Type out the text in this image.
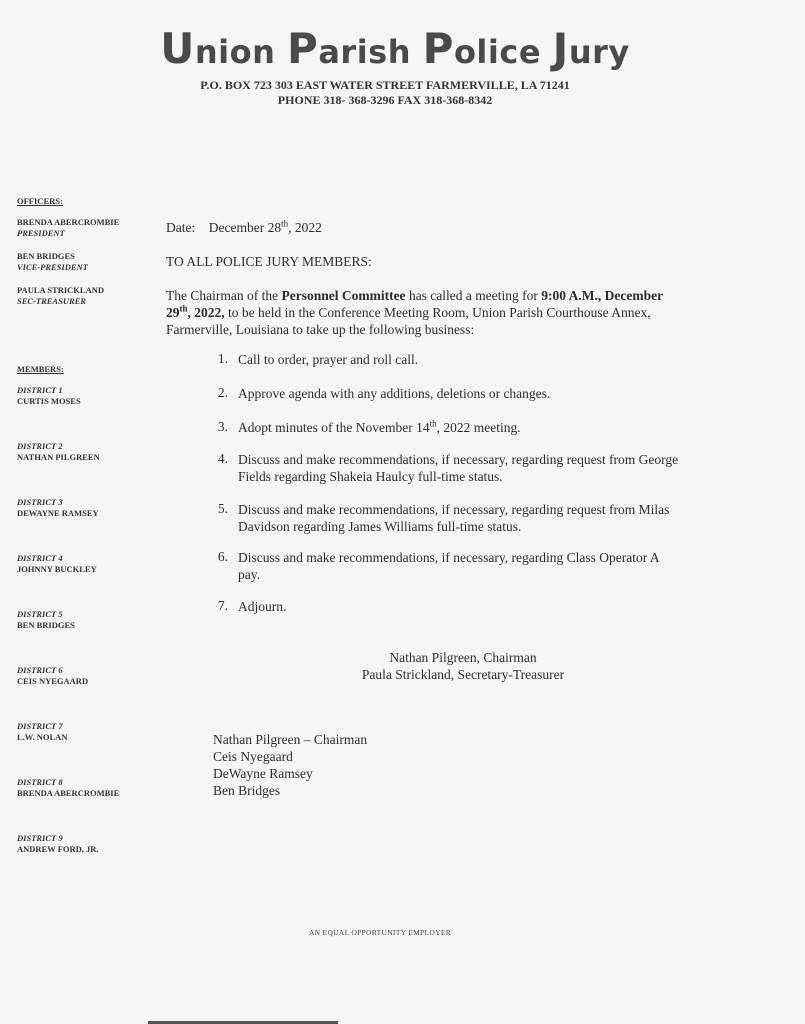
Union Parish Police Jury
P.O. BOX 723 303 EAST WATER STREET FARMERVILLE, LA 71241
PHONE 318- 368-3296 FAX 318-368-8342
OFFICERS:
BRENDA ABERCROMBIE
PRESIDENT
BEN BRIDGES
VICE-PRESIDENT
PAULA STRICKLAND
SEC-TREASURER
MEMBERS:
DISTRICT 1
CURTIS MOSES
DISTRICT 2
NATHAN PILGREEN
DISTRICT 3
DEWAYNE RAMSEY
DISTRICT 4
JOHNNY BUCKLEY
DISTRICT 5
BEN BRIDGES
DISTRICT 6
CEIS NYEGAARD
DISTRICT 7
L.W. NOLAN
DISTRICT 8
BRENDA ABERCROMBIE
DISTRICT 9
ANDREW FORD, JR.
Date: December 28th, 2022
TO ALL POLICE JURY MEMBERS:
The Chairman of the Personnel Committee has called a meeting for 9:00 A.M., December
29th, 2022, to be held in the Conference Meeting Room, Union Parish Courthouse Annex,
Farmerville, Louisiana to take up the following business:
1. Call to order, prayer and roll call.
2. Approve agenda with any additions, deletions or changes.
3. Adopt minutes of the November 14th, 2022 meeting.
4. Discuss and make recommendations, if necessary, regarding request from George
Fields regarding Shakeia Haulcy full-time status.
5. Discuss and make recommendations, if necessary, regarding request from Milas
Davidson regarding James Williams full-time status.
6. Discuss and make recommendations, if necessary, regarding Class Operator A
pay.
7. Adjourn.
Nathan Pilgreen, Chairman
Paula Strickland, Secretary-Treasurer
Nathan Pilgreen – Chairman
Ceis Nyegaard
DeWayne Ramsey
Ben Bridges
AN EQUAL OPPORTUNITY EMPLOYER
